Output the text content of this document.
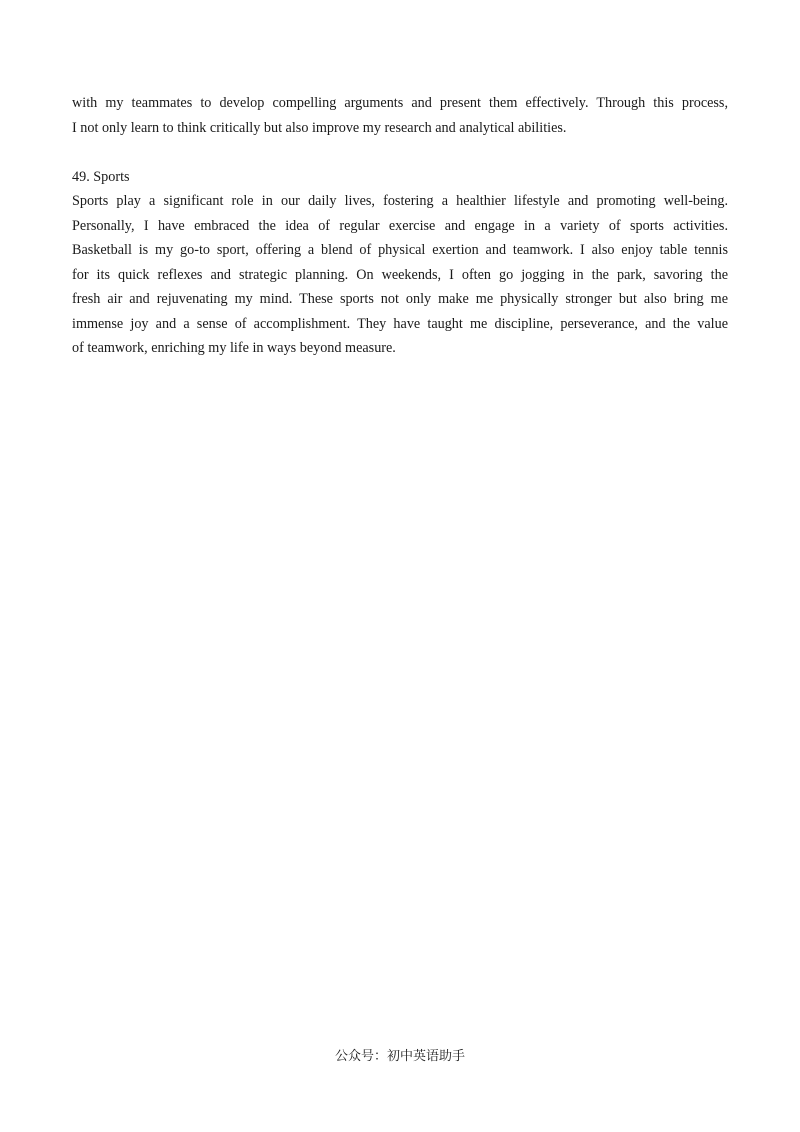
with my teammates to develop compelling arguments and present them effectively. Through this process,
I not only learn to think critically but also improve my research and analytical abilities.

49. Sports

Sports play a significant role in our daily lives, fostering a healthier lifestyle and promoting well-being.
Personally, I have embraced the idea of regular exercise and engage in a variety of sports activities.
Basketball is my go-to sport, offering a blend of physical exertion and teamwork. I also enjoy table tennis
for its quick reflexes and strategic planning. On weekends, I often go jogging in the park, savoring the
fresh air and rejuvenating my mind. These sports not only make me physically stronger but also bring me
immense joy and a sense of accomplishment. They have taught me discipline, perseverance, and the value
of teamwork, enriching my life in ways beyond measure.

公众号：初中英语助手
